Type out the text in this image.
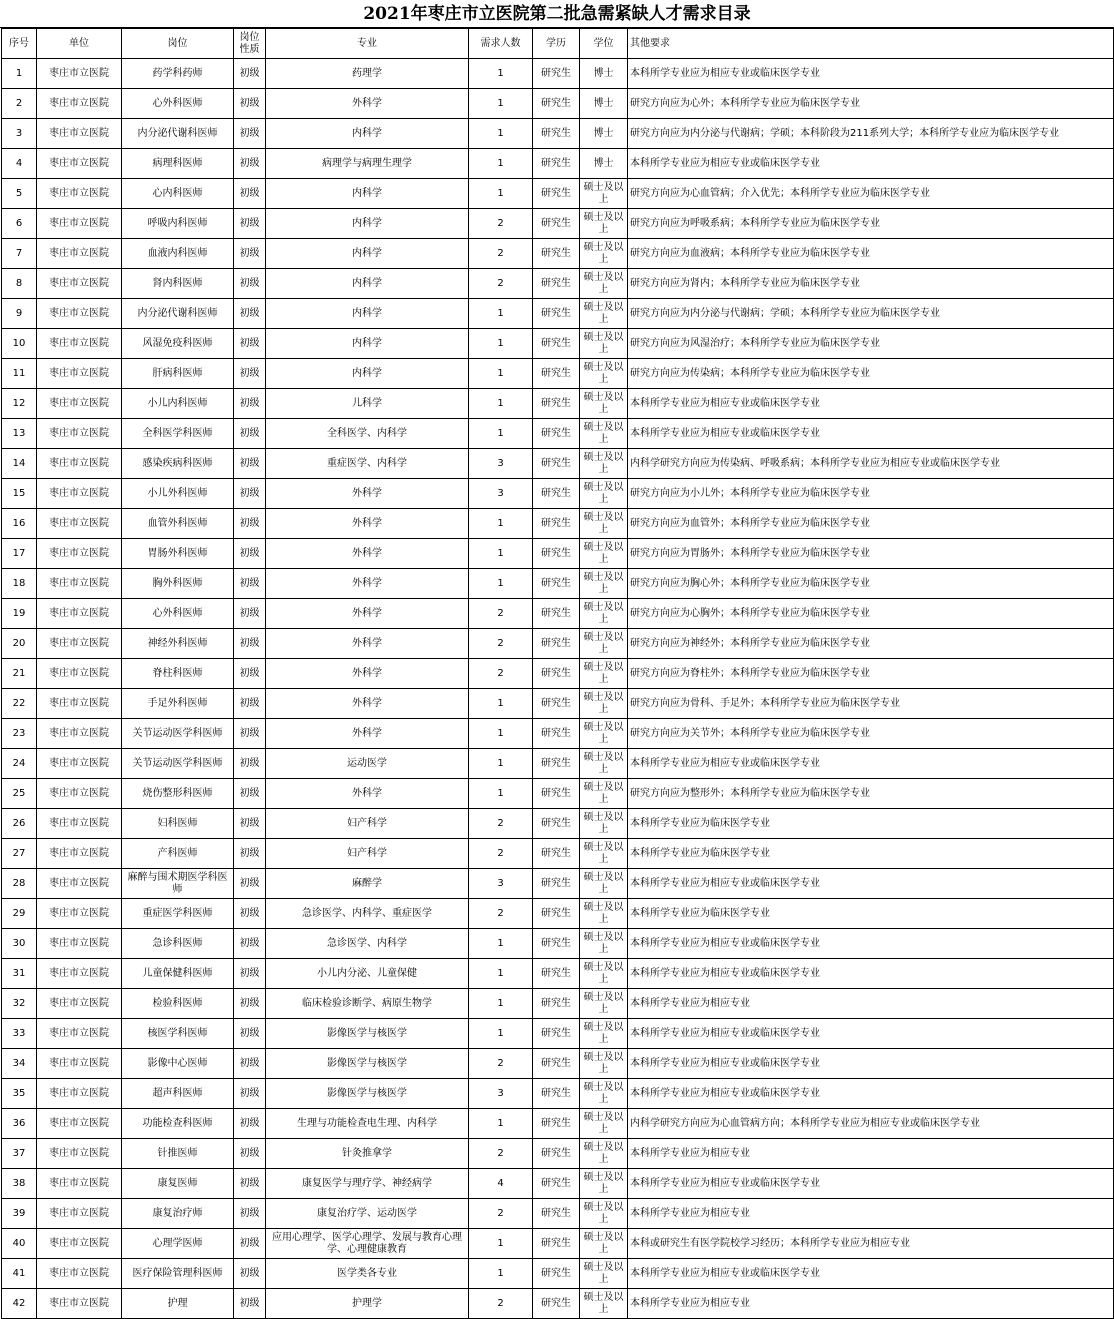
2021年枣庄市立医院第二批急需紧缺人才需求目录
序号	单位	岗位	岗位性质	专业	需求人数	学历	学位	其他要求
1	枣庄市立医院	药学科药师	初级	药理学	1	研究生	博士	本科所学专业应为相应专业或临床医学专业
2	枣庄市立医院	心外科医师	初级	外科学	1	研究生	博士	研究方向应为心外；本科所学专业应为临床医学专业
3	枣庄市立医院	内分泌代谢科医师	初级	内科学	1	研究生	博士	研究方向应为内分泌与代谢病；学硕；本科阶段为211系列大学；本科所学专业应为临床医学专业
4	枣庄市立医院	病理科医师	初级	病理学与病理生理学	1	研究生	博士	本科所学专业应为相应专业或临床医学专业
5	枣庄市立医院	心内科医师	初级	内科学	1	研究生	硕士及以上	研究方向应为心血管病；介入优先；本科所学专业应为临床医学专业
6	枣庄市立医院	呼吸内科医师	初级	内科学	2	研究生	硕士及以上	研究方向应为呼吸系病；本科所学专业应为临床医学专业
7	枣庄市立医院	血液内科医师	初级	内科学	2	研究生	硕士及以上	研究方向应为血液病；本科所学专业应为临床医学专业
8	枣庄市立医院	肾内科医师	初级	内科学	2	研究生	硕士及以上	研究方向应为肾内；本科所学专业应为临床医学专业
9	枣庄市立医院	内分泌代谢科医师	初级	内科学	1	研究生	硕士及以上	研究方向应为内分泌与代谢病；学硕；本科所学专业应为临床医学专业
10	枣庄市立医院	风湿免疫科医师	初级	内科学	1	研究生	硕士及以上	研究方向应为风湿治疗；本科所学专业应为临床医学专业
11	枣庄市立医院	肝病科医师	初级	内科学	1	研究生	硕士及以上	研究方向应为传染病；本科所学专业应为临床医学专业
12	枣庄市立医院	小儿内科医师	初级	儿科学	1	研究生	硕士及以上	本科所学专业应为相应专业或临床医学专业
13	枣庄市立医院	全科医学科医师	初级	全科医学、内科学	1	研究生	硕士及以上	本科所学专业应为相应专业或临床医学专业
14	枣庄市立医院	感染疾病科医师	初级	重症医学、内科学	3	研究生	硕士及以上	内科学研究方向应为传染病、呼吸系病；本科所学专业应为相应专业或临床医学专业
15	枣庄市立医院	小儿外科医师	初级	外科学	3	研究生	硕士及以上	研究方向应为小儿外；本科所学专业应为临床医学专业
16	枣庄市立医院	血管外科医师	初级	外科学	1	研究生	硕士及以上	研究方向应为血管外；本科所学专业应为临床医学专业
17	枣庄市立医院	胃肠外科医师	初级	外科学	1	研究生	硕士及以上	研究方向应为胃肠外；本科所学专业应为临床医学专业
18	枣庄市立医院	胸外科医师	初级	外科学	1	研究生	硕士及以上	研究方向应为胸心外；本科所学专业应为临床医学专业
19	枣庄市立医院	心外科医师	初级	外科学	2	研究生	硕士及以上	研究方向应为心胸外；本科所学专业应为临床医学专业
20	枣庄市立医院	神经外科医师	初级	外科学	2	研究生	硕士及以上	研究方向应为神经外；本科所学专业应为临床医学专业
21	枣庄市立医院	脊柱科医师	初级	外科学	2	研究生	硕士及以上	研究方向应为脊柱外；本科所学专业应为临床医学专业
22	枣庄市立医院	手足外科医师	初级	外科学	1	研究生	硕士及以上	研究方向应为骨科、手足外；本科所学专业应为临床医学专业
23	枣庄市立医院	关节运动医学科医师	初级	外科学	1	研究生	硕士及以上	研究方向应为关节外；本科所学专业应为临床医学专业
24	枣庄市立医院	关节运动医学科医师	初级	运动医学	1	研究生	硕士及以上	本科所学专业应为相应专业或临床医学专业
25	枣庄市立医院	烧伤整形科医师	初级	外科学	1	研究生	硕士及以上	研究方向应为整形外；本科所学专业应为临床医学专业
26	枣庄市立医院	妇科医师	初级	妇产科学	2	研究生	硕士及以上	本科所学专业应为临床医学专业
27	枣庄市立医院	产科医师	初级	妇产科学	2	研究生	硕士及以上	本科所学专业应为临床医学专业
28	枣庄市立医院	麻醉与围术期医学科医师	初级	麻醉学	3	研究生	硕士及以上	本科所学专业应为相应专业或临床医学专业
29	枣庄市立医院	重症医学科医师	初级	急诊医学、内科学、重症医学	2	研究生	硕士及以上	本科所学专业应为临床医学专业
30	枣庄市立医院	急诊科医师	初级	急诊医学、内科学	1	研究生	硕士及以上	本科所学专业应为相应专业或临床医学专业
31	枣庄市立医院	儿童保健科医师	初级	小儿内分泌、儿童保健	1	研究生	硕士及以上	本科所学专业应为相应专业或临床医学专业
32	枣庄市立医院	检验科医师	初级	临床检验诊断学、病原生物学	1	研究生	硕士及以上	本科所学专业应为相应专业
33	枣庄市立医院	核医学科医师	初级	影像医学与核医学	1	研究生	硕士及以上	本科所学专业应为相应专业或临床医学专业
34	枣庄市立医院	影像中心医师	初级	影像医学与核医学	2	研究生	硕士及以上	本科所学专业应为相应专业或临床医学专业
35	枣庄市立医院	超声科医师	初级	影像医学与核医学	3	研究生	硕士及以上	本科所学专业应为相应专业或临床医学专业
36	枣庄市立医院	功能检查科医师	初级	生理与功能检查电生理、内科学	1	研究生	硕士及以上	内科学研究方向应为心血管病方向；本科所学专业应为相应专业或临床医学专业
37	枣庄市立医院	针推医师	初级	针灸推拿学	2	研究生	硕士及以上	本科所学专业应为相应专业
38	枣庄市立医院	康复医师	初级	康复医学与理疗学、神经病学	4	研究生	硕士及以上	本科所学专业应为相应专业或临床医学专业
39	枣庄市立医院	康复治疗师	初级	康复治疗学、运动医学	2	研究生	硕士及以上	本科所学专业应为相应专业
40	枣庄市立医院	心理学医师	初级	应用心理学、医学心理学、发展与教育心理学、心理健康教育	1	研究生	硕士及以上	本科或研究生有医学院校学习经历；本科所学专业应为相应专业
41	枣庄市立医院	医疗保险管理科医师	初级	医学类各专业	1	研究生	硕士及以上	本科所学专业应为相应专业或临床医学专业
42	枣庄市立医院	护理	初级	护理学	2	研究生	硕士及以上	本科所学专业应为相应专业
